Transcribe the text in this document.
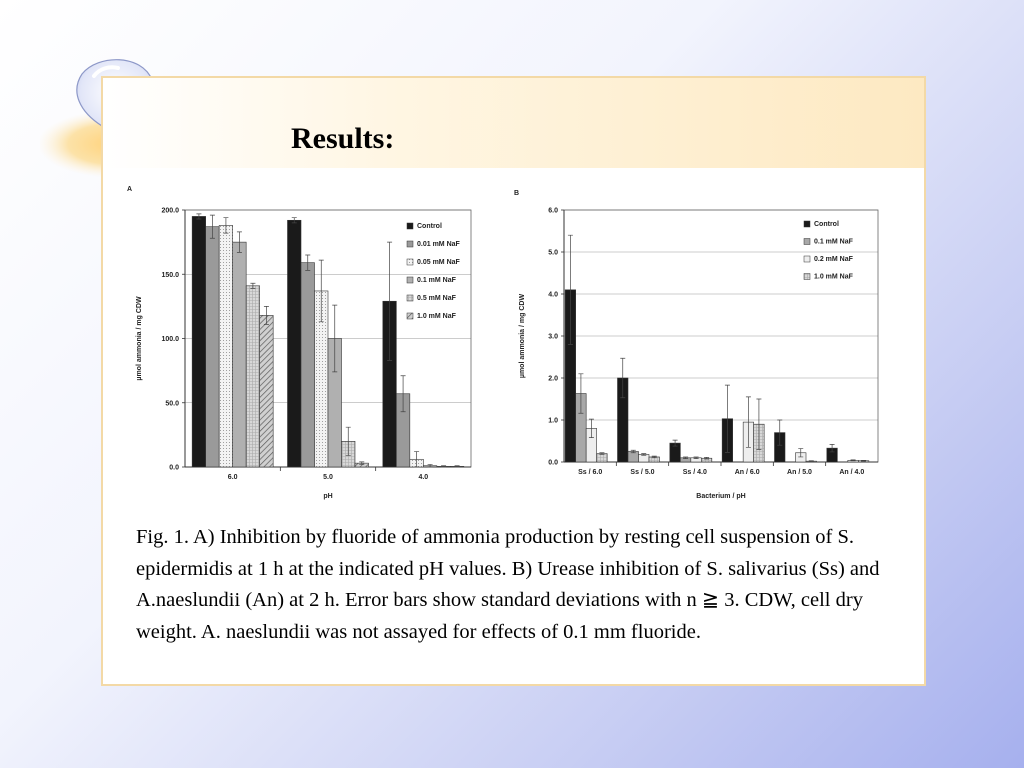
Results:
A
0.0
50.0
100.0
150.0
200.0
6.0	5.0	4.0
pH
µmol ammonia / mg CDW
Control
0.01 mM NaF
0.05 mM NaF
0.1 mM NaF
0.5 mM NaF
1.0 mM NaF
B
0.0
1.0
2.0
3.0
4.0
5.0
6.0
Ss / 6.0	Ss / 5.0	Ss / 4.0	An / 6.0	An / 5.0	An / 4.0
Bacterium / pH
µmol ammonia / mg CDW
Control
0.1 mM NaF
0.2 mM NaF
1.0 mM NaF

Fig. 1. A) Inhibition by fluoride of ammonia production by resting cell suspension of S. epidermidis at 1 h at the indicated pH values. B) Urease inhibition of S. salivarius (Ss) and A.naeslundii (An) at 2 h. Error bars show standard deviations with n ≧ 3. CDW, cell dry weight. A. naeslundii was not assayed for effects of 0.1 mm fluoride.
